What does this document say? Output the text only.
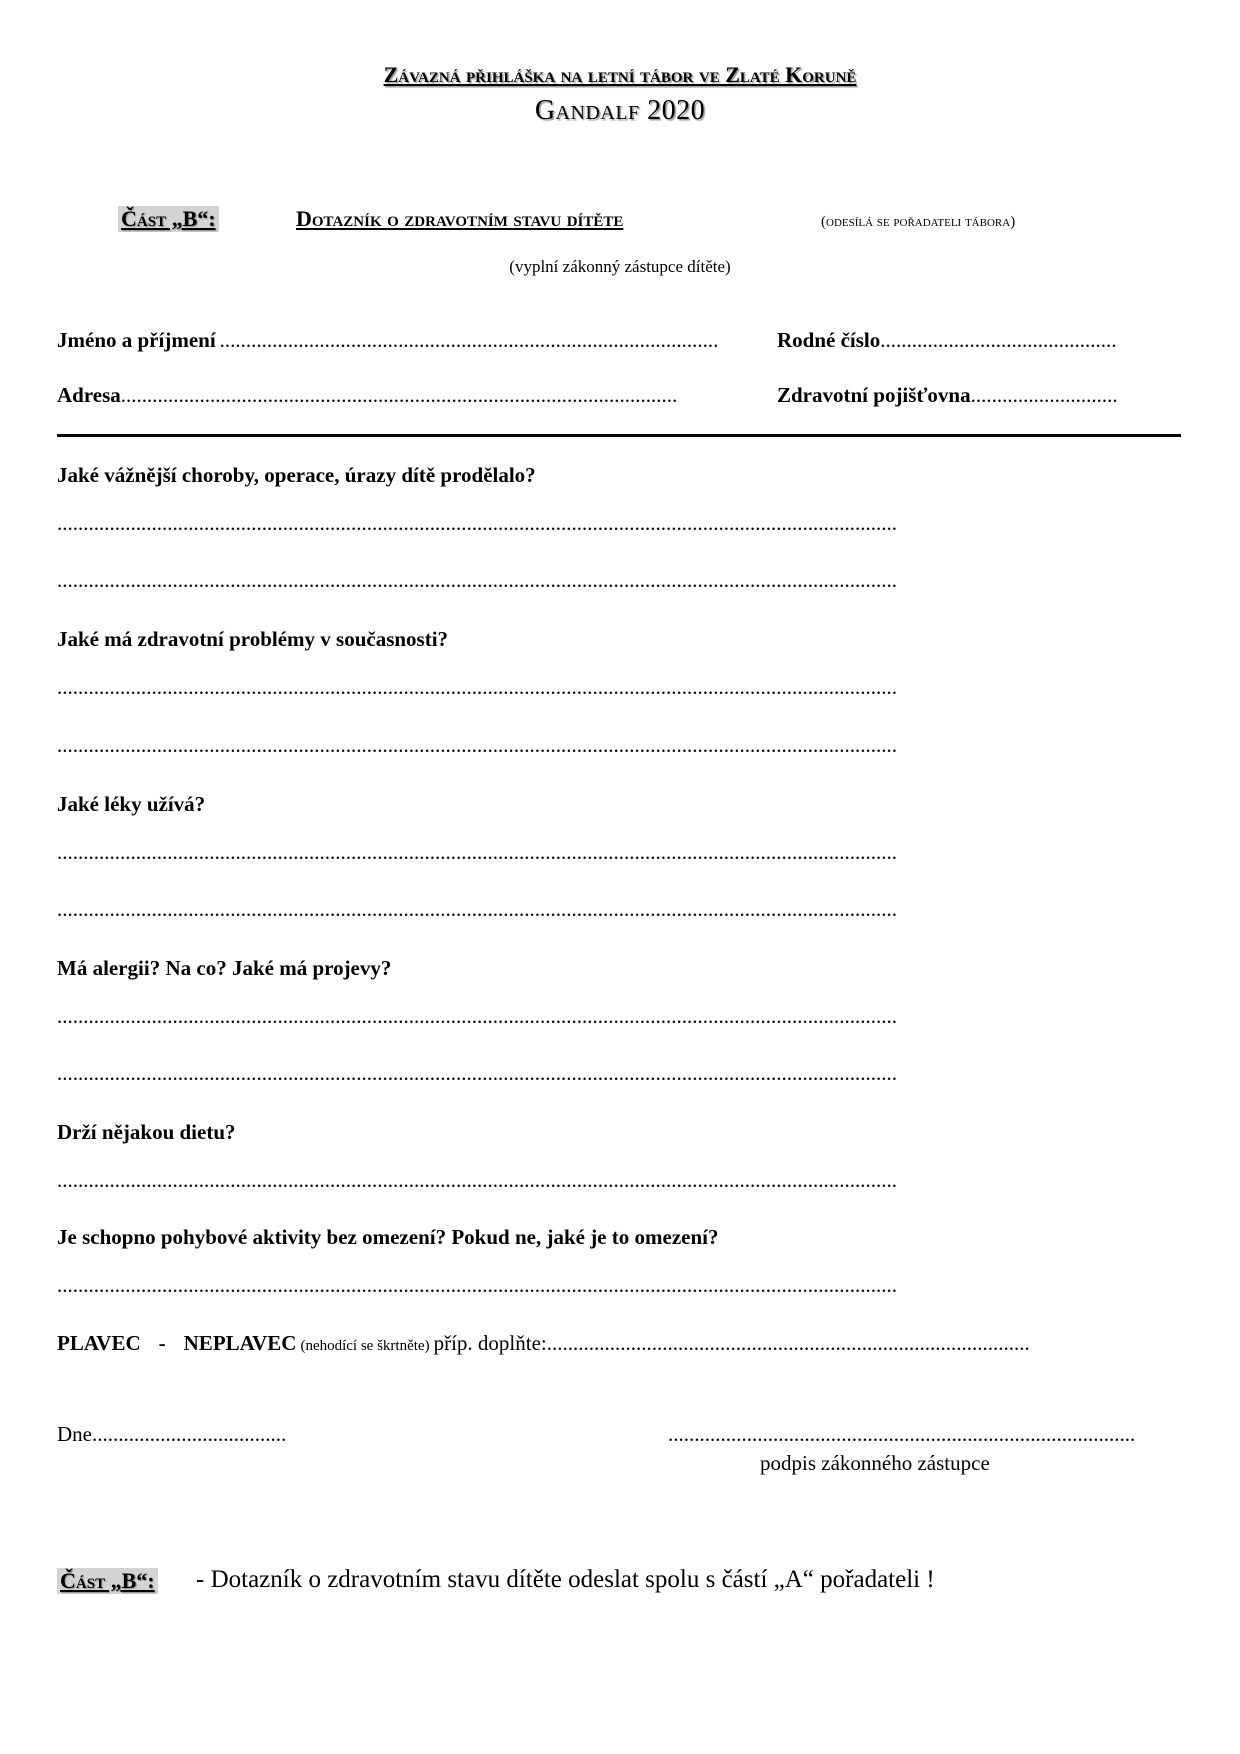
Závazná přihláška na letní tábor ve Zlaté Koruně
Gandalf 2020
Část „B“:	Dotazník o zdravotním stavu dítěte	(odesílá se pořadateli tábora)
(vyplní zákonný zástupce dítěte)
Jméno a příjmení ...............................................................................................	Rodné číslo.............................................
Adresa..........................................................................................................	Zdravotní pojišťovna............................
Jaké vážnější choroby, operace, úrazy dítě prodělalo?
................................................................................................................................................................
................................................................................................................................................................
Jaké má zdravotní problémy v současnosti?
................................................................................................................................................................
................................................................................................................................................................
Jaké léky užívá?
................................................................................................................................................................
................................................................................................................................................................
Má alergii? Na co? Jaké má projevy?
................................................................................................................................................................
................................................................................................................................................................
Drží nějakou dietu?
................................................................................................................................................................
Je schopno pohybové aktivity bez omezení? Pokud ne, jaké je to omezení?
................................................................................................................................................................
PLAVEC - NEPLAVEC (nehodící se škrtněte) příp. doplňte:............................................................................................
Dne.....................................	.........................................................................................
podpis zákonného zástupce
Část „B“: - Dotazník o zdravotním stavu dítěte odeslat spolu s částí „A“ pořadateli !
